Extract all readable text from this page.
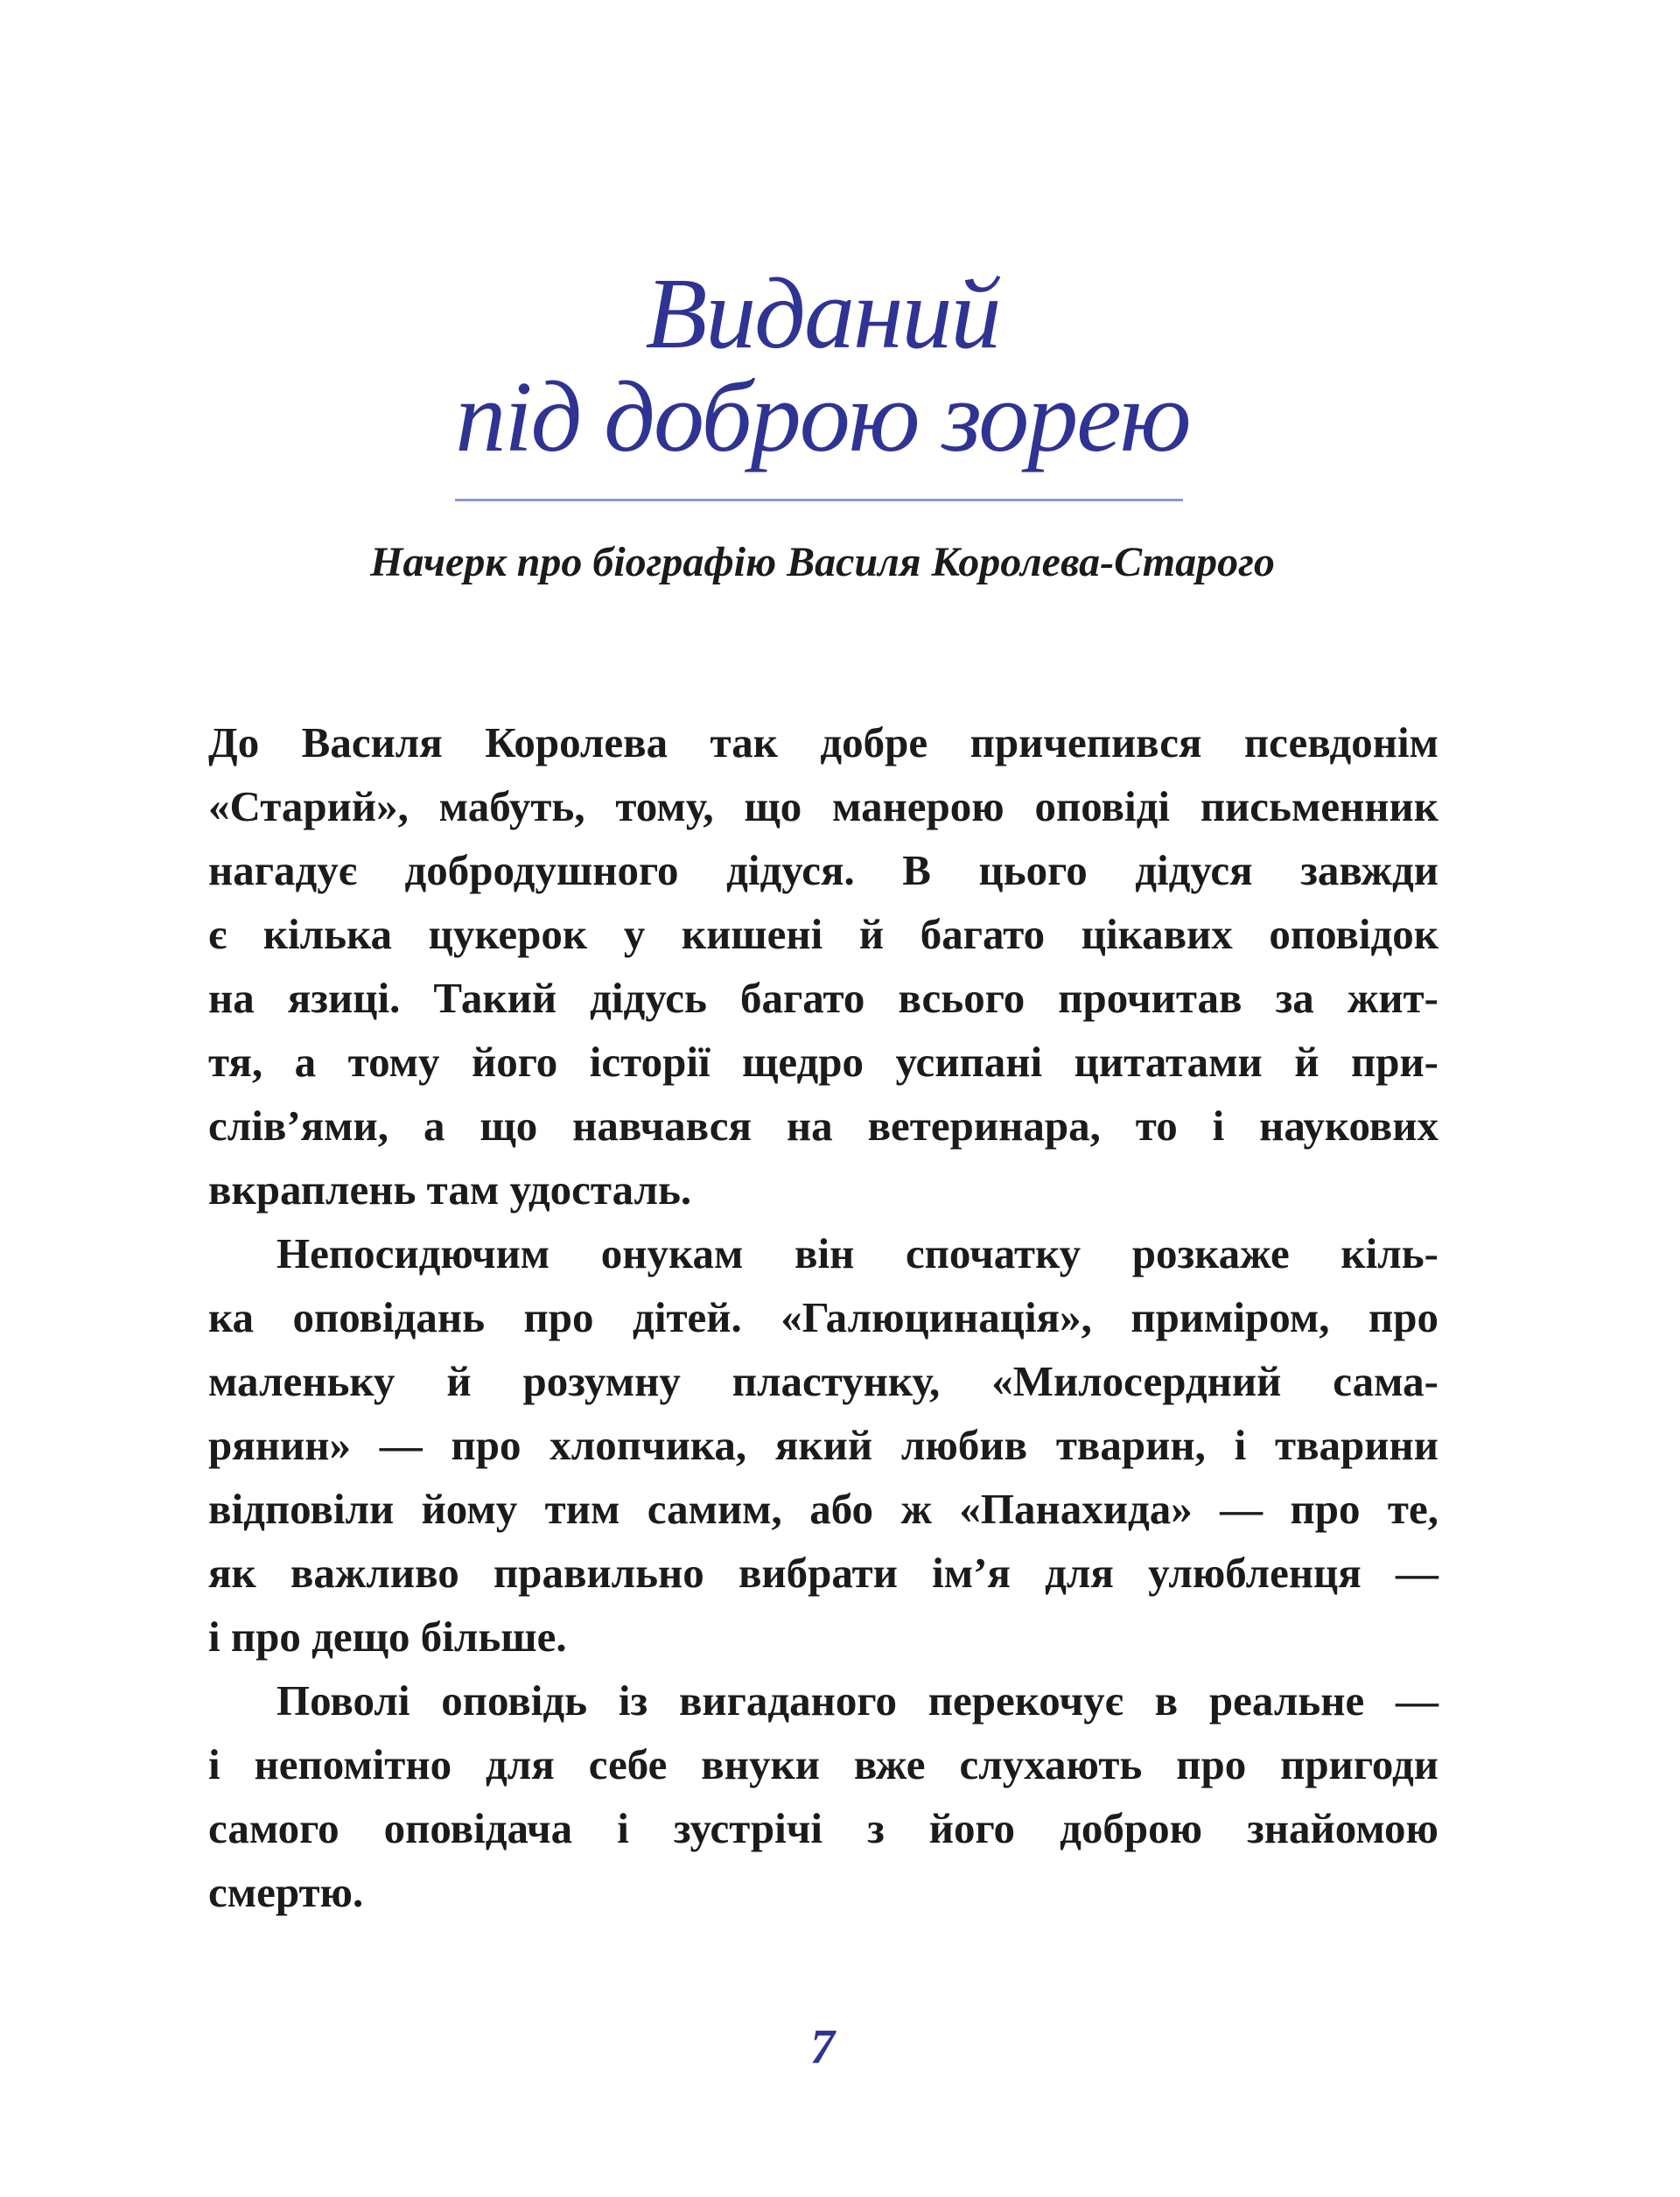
Виданий
під доброю зорею
Начерк про біографію Василя Королева-Старого
До Василя Королева так добре причепився псевдонім
«Старий», мабуть, тому, що манерою оповіді письменник
нагадує добродушного дідуся. В цього дідуся завжди
є кілька цукерок у кишені й багато цікавих оповідок
на язиці. Такий дідусь багато всього прочитав за жит-
тя, а тому його історії щедро усипані цитатами й при-
слів’ями, а що навчався на ветеринара, то і наукових
вкраплень там удосталь.
Непосидючим онукам він спочатку розкаже кіль-
ка оповідань про дітей. «Галюцинація», приміром, про
маленьку й розумну пластунку, «Милосердний сама-
рянин» — про хлопчика, який любив тварин, і тварини
відповіли йому тим самим, або ж «Панахида» — про те,
як важливо правильно вибрати ім’я для улюбленця —
і про дещо більше.
Поволі оповідь із вигаданого перекочує в реальне —
і непомітно для себе внуки вже слухають про пригоди
самого оповідача і зустрічі з його доброю знайомою
смертю.
7
